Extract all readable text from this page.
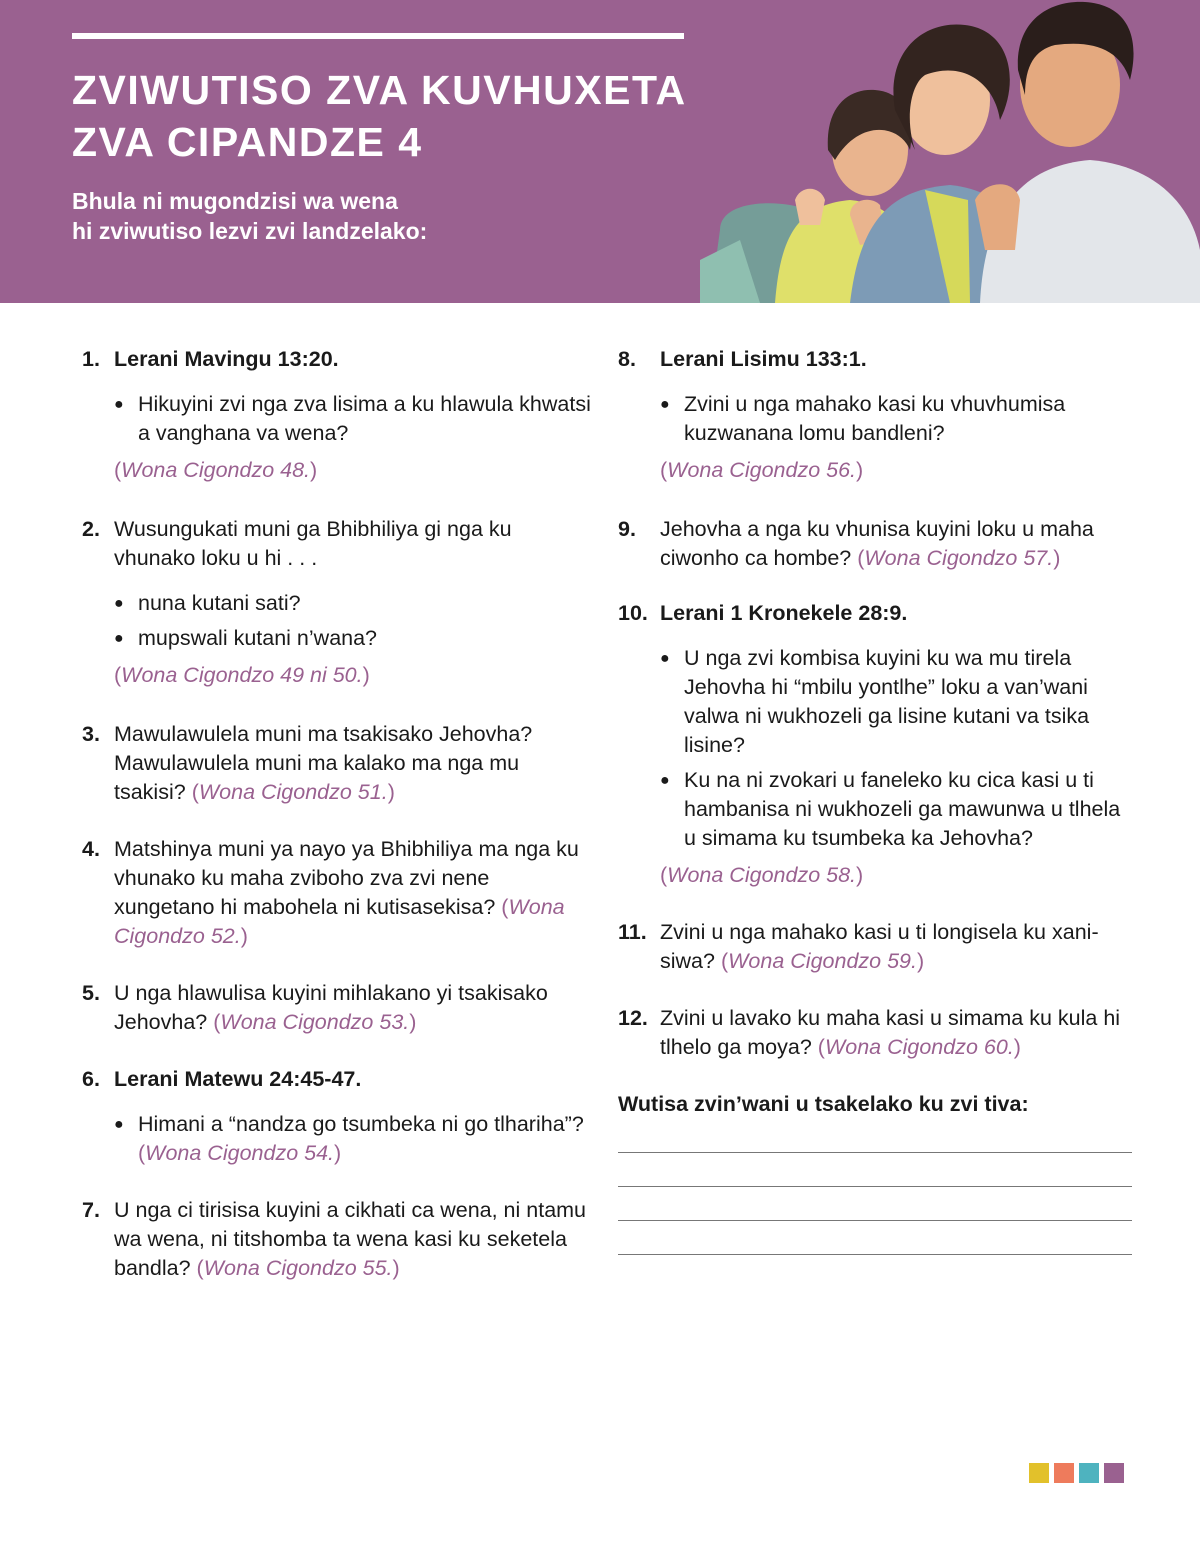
ZVIWUTISO ZVA KUVHUXETA
ZVA CIPANDZE 4

Bhula ni mugondzisi wa wena
hi zviwutiso lezvi zvi landzelako:

1. Lerani Mavingu 13:20.
● Hikuyini zvi nga zva lisima a ku hlawula khwatsi a vanghana va wena?
(Wona Cigondzo 48.)
2. Wusungukati muni ga Bhibhiliya gi nga ku vhunako loku u hi . . .
● nuna kutani sati?
● mupswali kutani n’wana?
(Wona Cigondzo 49 ni 50.)
3. Mawulawulela muni ma tsakisako Jehovha? Mawulawulela muni ma kalako ma nga mu tsakisi? (Wona Cigondzo 51.)
4. Matshinya muni ya nayo ya Bhibhiliya ma nga ku vhunako ku maha zviboho zva zvi nene xungetano hi mabohela ni kutisasekisa? (Wona Cigondzo 52.)
5. U nga hlawulisa kuyini mihlakano yi tsakisako Jehovha? (Wona Cigondzo 53.)
6. Lerani Matewu 24:45-47.
● Himani a “nandza go tsumbeka ni go tlhariha”? (Wona Cigondzo 54.)
7. U nga ci tirisisa kuyini a cikhati ca wena, ni ntamu wa wena, ni titshomba ta wena kasi ku seketela bandla? (Wona Cigondzo 55.)
8.	Lerani Lisimu 133:1.
● Zvini u nga mahako kasi ku vhuvhumisa kuzwanana lomu bandleni?
(Wona Cigondzo 56.)
9.	Jehovha a nga ku vhunisa kuyini loku u maha ciwonho ca hombe? (Wona Cigondzo 57.)
10. Lerani 1 Kronekele 28:9.
● U nga zvi kombisa kuyini ku wa mu tirela Jehovha hi “mbilu yontlhe” loku a van’wani valwa ni wukhozeli ga lisine kutani va tsika lisine?
● Ku na ni zvokari u faneleko ku cica kasi u ti hambanisa ni wukhozeli ga mawunwa u tlhela u simama ku tsumbeka ka Jehovha?
(Wona Cigondzo 58.)
11. Zvini u nga mahako kasi u ti longisela ku xanisiwa? (Wona Cigondzo 59.)
12. Zvini u lavako ku maha kasi u simama ku kula hi tlhelo ga moya? (Wona Cigondzo 60.)
Wutisa zvin’wani u tsakelako ku zvi tiva:
